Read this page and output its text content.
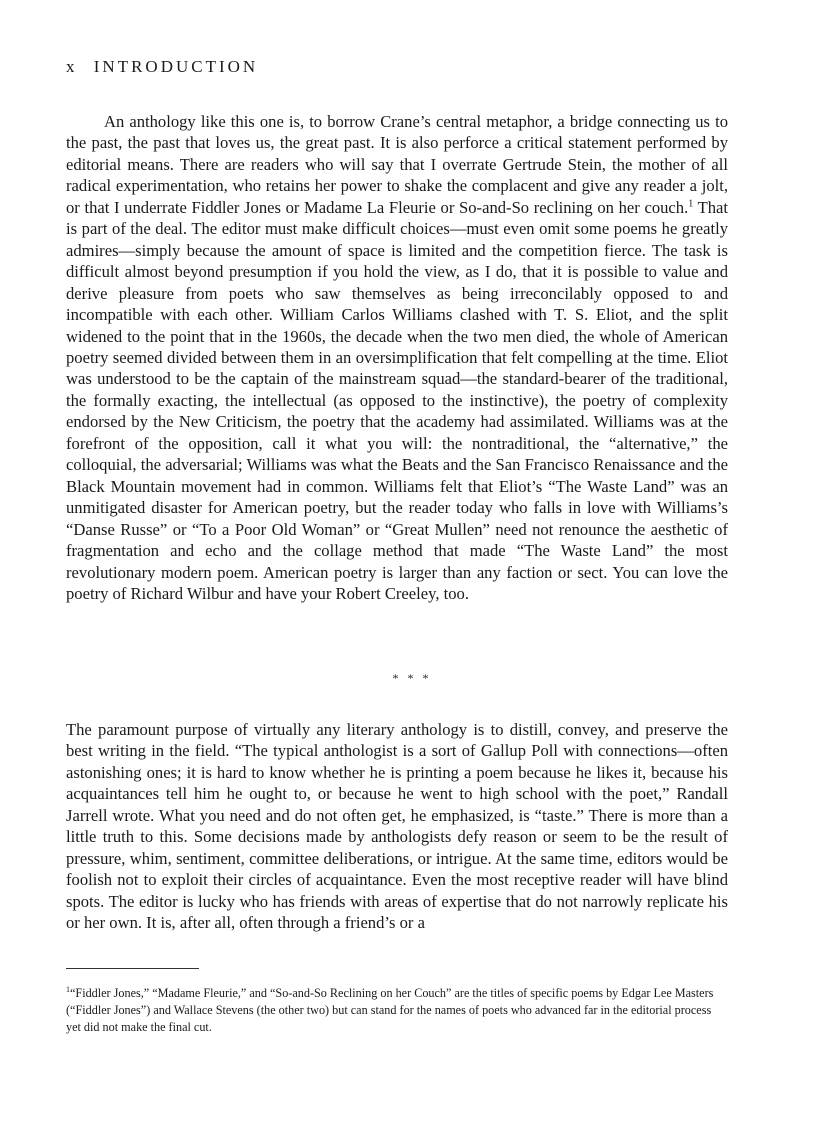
x INTRODUCTION

An anthology like this one is, to borrow Crane’s central metaphor, a bridge connecting us to the past, the past that loves us, the great past. It is also perforce a critical statement performed by editorial means. There are readers who will say that I overrate Gertrude Stein, the mother of all radical experimentation, who retains her power to shake the complacent and give any reader a jolt, or that I underrate Fiddler Jones or Madame La Fleurie or So-and-So reclining on her couch.$^1$ That is part of the deal. The editor must make difficult choices—must even omit some poems he greatly admires—simply because the amount of space is limited and the competition fierce. The task is difficult almost beyond presumption if you hold the view, as I do, that it is possible to value and derive pleasure from poets who saw themselves as being irreconcilably opposed to and incompatible with each other. William Carlos Williams clashed with T. S. Eliot, and the split widened to the point that in the 1960s, the decade when the two men died, the whole of American poetry seemed divided between them in an oversimplification that felt compelling at the time. Eliot was understood to be the captain of the mainstream squad—the standard-bearer of the traditional, the formally exacting, the intellectual (as opposed to the instinctive), the poetry of complexity endorsed by the New Criticism, the poetry that the academy had assimilated. Williams was at the forefront of the opposition, call it what you will: the nontraditional, the “alternative,” the colloquial, the adversarial; Williams was what the Beats and the San Francisco Renaissance and the Black Mountain movement had in common. Williams felt that Eliot’s “The Waste Land” was an unmitigated disaster for American poetry, but the reader today who falls in love with Williams’s “Danse Russe” or “To a Poor Old Woman” or “Great Mullen” need not renounce the aesthetic of fragmentation and echo and the collage method that made “The Waste Land” the most revolutionary modern poem. American poetry is larger than any faction or sect. You can love the poetry of Richard Wilbur and have your Robert Creeley, too.

* * *

The paramount purpose of virtually any literary anthology is to distill, convey, and preserve the best writing in the field. “The typical anthologist is a sort of Gallup Poll with connections—often astonishing ones; it is hard to know whether he is printing a poem because he likes it, because his acquaintances tell him he ought to, or because he went to high school with the poet,” Randall Jarrell wrote. What you need and do not often get, he emphasized, is “taste.” There is more than a little truth to this. Some decisions made by anthologists defy reason or seem to be the result of pressure, whim, sentiment, committee deliberations, or intrigue. At the same time, editors would be foolish not to exploit their circles of acquaintance. Even the most receptive reader will have blind spots. The editor is lucky who has friends with areas of expertise that do not narrowly replicate his or her own. It is, after all, often through a friend’s or a

$^1$“Fiddler Jones,” “Madame Fleurie,” and “So-and-So Reclining on her Couch” are the titles of specific poems by Edgar Lee Masters (“Fiddler Jones”) and Wallace Stevens (the other two) but can stand for the names of poets who advanced far in the editorial process yet did not make the final cut.
